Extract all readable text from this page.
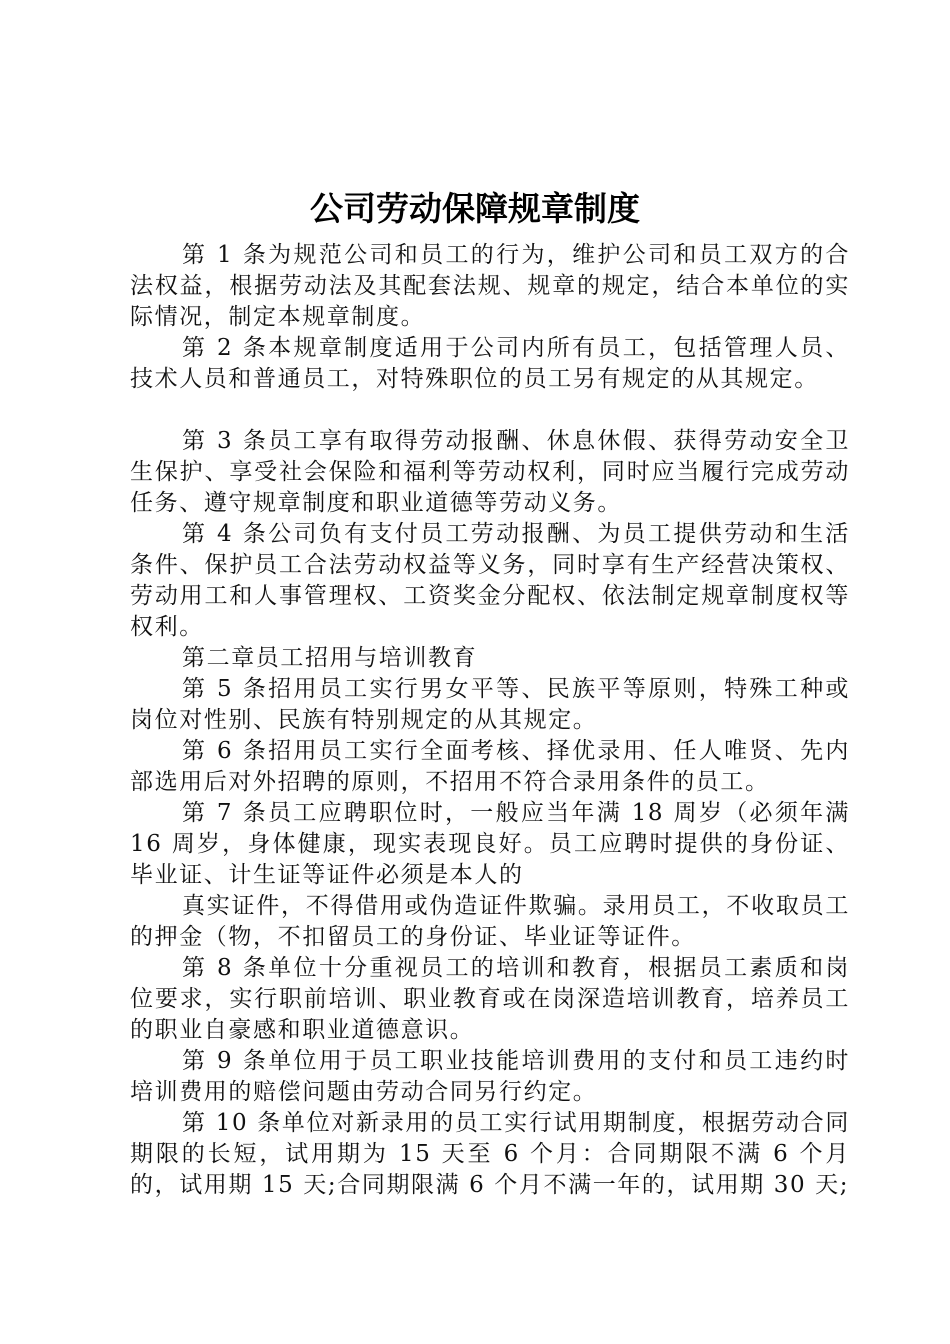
公司劳动保障规章制度

第 1 条为规范公司和员工的行为，维护公司和员工双方的合法权益，根据劳动法及其配套法规、规章的规定，结合本单位的实际情况，制定本规章制度。

第 2 条本规章制度适用于公司内所有员工，包括管理人员、技术人员和普通员工，对特殊职位的员工另有规定的从其规定。

第 3 条员工享有取得劳动报酬、休息休假、获得劳动安全卫生保护、享受社会保险和福利等劳动权利，同时应当履行完成劳动任务、遵守规章制度和职业道德等劳动义务。

第 4 条公司负有支付员工劳动报酬、为员工提供劳动和生活条件、保护员工合法劳动权益等义务，同时享有生产经营决策权、劳动用工和人事管理权、工资奖金分配权、依法制定规章制度权等权利。

第二章员工招用与培训教育

第 5 条招用员工实行男女平等、民族平等原则，特殊工种或岗位对性别、民族有特别规定的从其规定。

第 6 条招用员工实行全面考核、择优录用、任人唯贤、先内部选用后对外招聘的原则，不招用不符合录用条件的员工。

第 7 条员工应聘职位时，一般应当年满 18 周岁（必须年满 16 周岁，身体健康，现实表现良好。员工应聘时提供的身份证、毕业证、计生证等证件必须是本人的

真实证件，不得借用或伪造证件欺骗。录用员工，不收取员工的押金（物，不扣留员工的身份证、毕业证等证件。

第 8 条单位十分重视员工的培训和教育，根据员工素质和岗位要求，实行职前培训、职业教育或在岗深造培训教育，培养员工的职业自豪感和职业道德意识。

第 9 条单位用于员工职业技能培训费用的支付和员工违约时培训费用的赔偿问题由劳动合同另行约定。

第 10 条单位对新录用的员工实行试用期制度，根据劳动合同期限的长短，试用期为 15 天至 6 个月：合同期限不满 6 个月的，试用期 15 天;合同期限满 6 个月不满一年的，试用期 30 天;
